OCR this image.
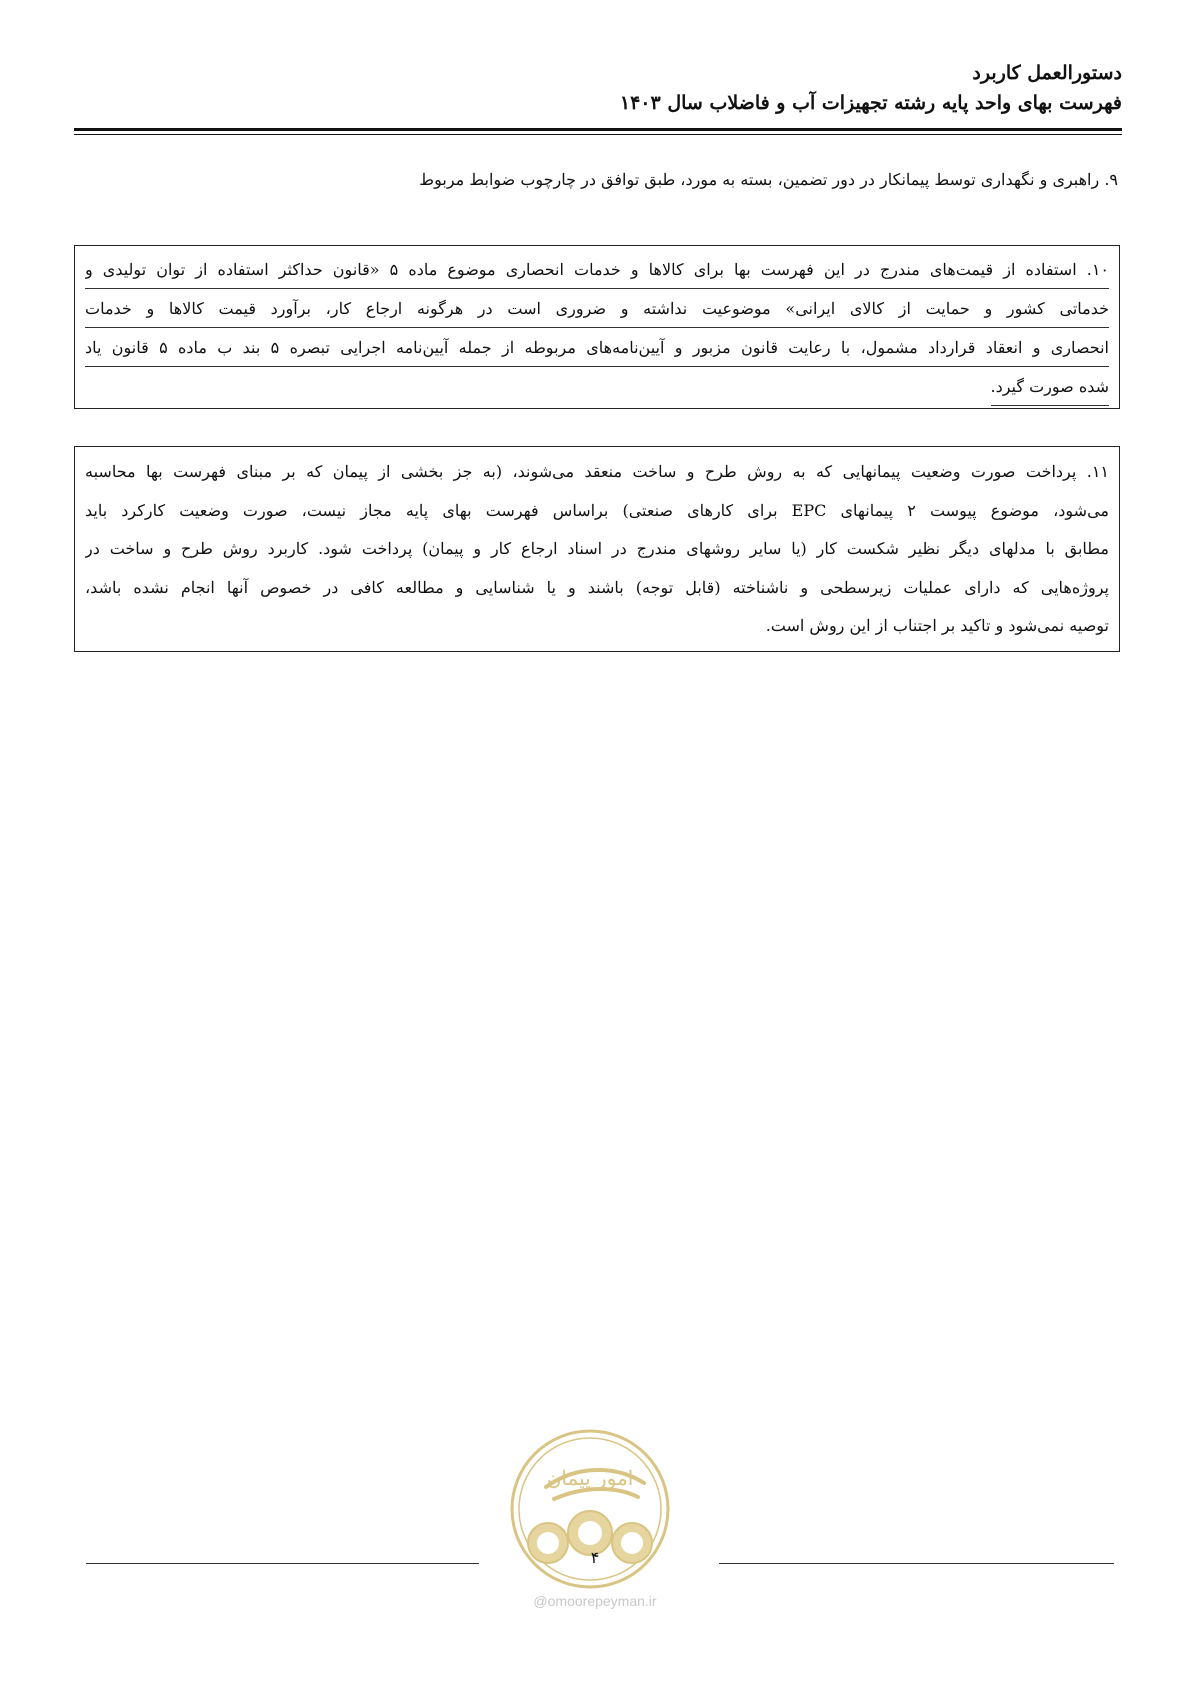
دستورالعمل کاربرد
فهرست بهای واحد پایه رشته تجهیزات آب و فاضلاب سال ۱۴۰۳
۹. راهبری و نگهداری توسط پیمانکار در دور تضمین، بسته به مورد، طبق توافق در چارچوب ضوابط مربوط
۱۰. استفاده از قیمت‌های مندرج در این فهرست بها برای کالاها و خدمات انحصاری موضوع ماده ۵ «قانون حداکثر استفاده از توان تولیدی و
خدماتی کشور و حمایت از کالای ایرانی» موضوعیت نداشته و ضروری است در هرگونه ارجاع کار، برآورد قیمت کالاها و خدمات
انحصاری و انعقاد قرارداد مشمول، با رعایت قانون مزبور و آیین‌نامه‌های مربوطه از جمله آیین‌نامه اجرایی تبصره ۵ بند ب ماده ۵ قانون یاد
شده صورت گیرد.
۱۱. پرداخت صورت وضعیت پیمانهایی که به روش طرح و ساخت منعقد می‌شوند، (به جز بخشی از پیمان که بر مبنای فهرست بها محاسبه
می‌شود، موضوع پیوست ۲ پیمانهای EPC برای کارهای صنعتی) براساس فهرست بهای پایه مجاز نیست، صورت وضعیت کارکرد باید
مطابق با مدلهای دیگر نظیر شکست کار (یا سایر روشهای مندرج در اسناد ارجاع کار و پیمان) پرداخت شود. کاربرد روش طرح و ساخت در
پروژه‌هایی که دارای عملیات زیرسطحی و ناشناخته (قابل توجه) باشند و یا شناسایی و مطالعه کافی در خصوص آنها انجام نشده باشد،
توصیه نمی‌شود و تاکید بر اجتناب از این روش است.
امور پیمان
۴
@omoorepeyman.ir
